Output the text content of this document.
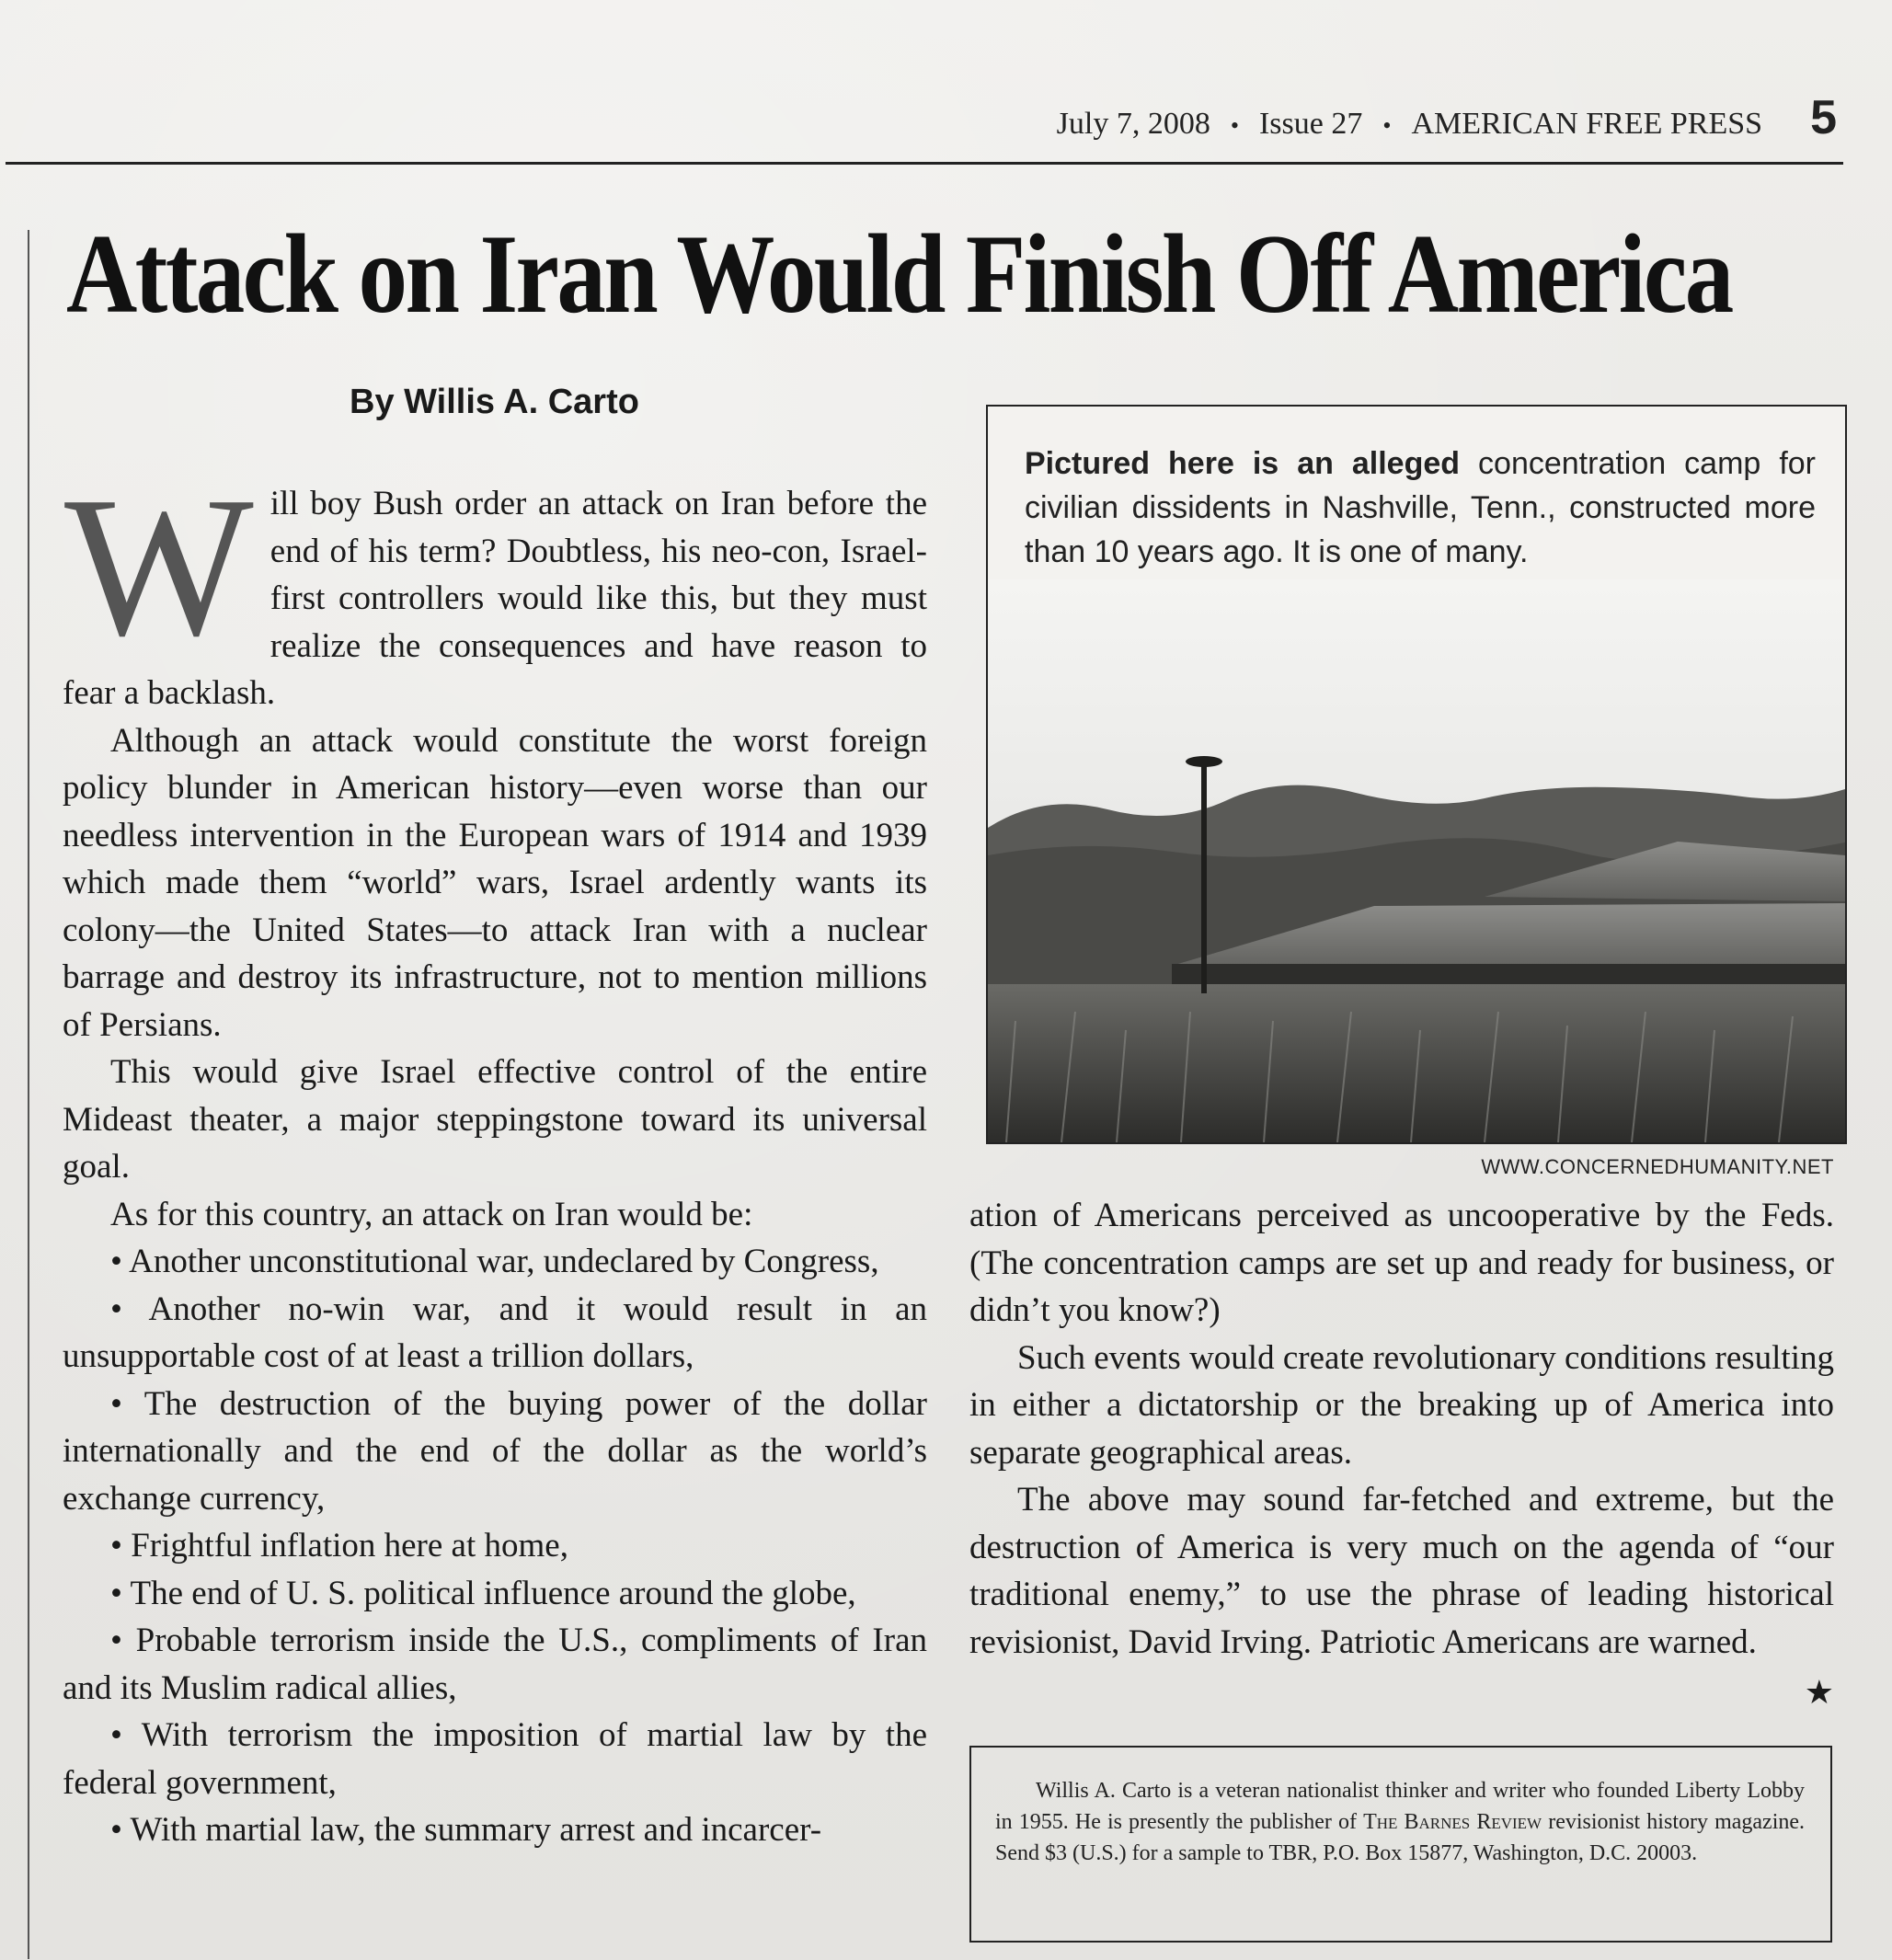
July 7, 2008 • Issue 27 • AMERICAN FREE PRESS 5
Attack on Iran Would Finish Off America
By Willis A. Carto

Will boy Bush order an attack on Iran before the end of his term? Doubtless, his neo-con, Israel-first controllers would like this, but they must realize the consequences and have reason to fear a backlash.

Although an attack would constitute the worst foreign policy blunder in American history—even worse than our needless intervention in the European wars of 1914 and 1939 which made them “world” wars, Israel ardently wants its colony—the United States—to attack Iran with a nuclear barrage and destroy its infrastructure, not to mention millions of Persians.

This would give Israel effective control of the entire Mideast theater, a major steppingstone toward its universal goal.

As for this country, an attack on Iran would be:

• Another unconstitutional war, undeclared by Congress,

• Another no-win war, and it would result in an unsupportable cost of at least a trillion dollars,

• The destruction of the buying power of the dollar internationally and the end of the dollar as the world’s exchange currency,

• Frightful inflation here at home,

• The end of U. S. political influence around the globe,

• Probable terrorism inside the U.S., compliments of Iran and its Muslim radical allies,

• With terrorism the imposition of martial law by the federal government,

• With martial law, the summary arrest and incarcer-

Pictured here is an alleged concentration camp for civilian dissidents in Nashville, Tenn., constructed more than 10 years ago. It is one of many.
WWW.CONCERNEDHUMANITY.NET

ation of Americans perceived as uncooperative by the Feds. (The concentration camps are set up and ready for business, or didn’t you know?)

Such events would create revolutionary conditions resulting in either a dictatorship or the breaking up of America into separate geographical areas.

The above may sound far-fetched and extreme, but the destruction of America is very much on the agenda of “our traditional enemy,” to use the phrase of leading historical revisionist, David Irving. Patriotic Americans are warned.
★

Willis A. Carto is a veteran nationalist thinker and writer who founded Liberty Lobby in 1955. He is presently the publisher of The Barnes Review revisionist history magazine. Send $3 (U.S.) for a sample to TBR, P.O. Box 15877, Washington, D.C. 20003.
